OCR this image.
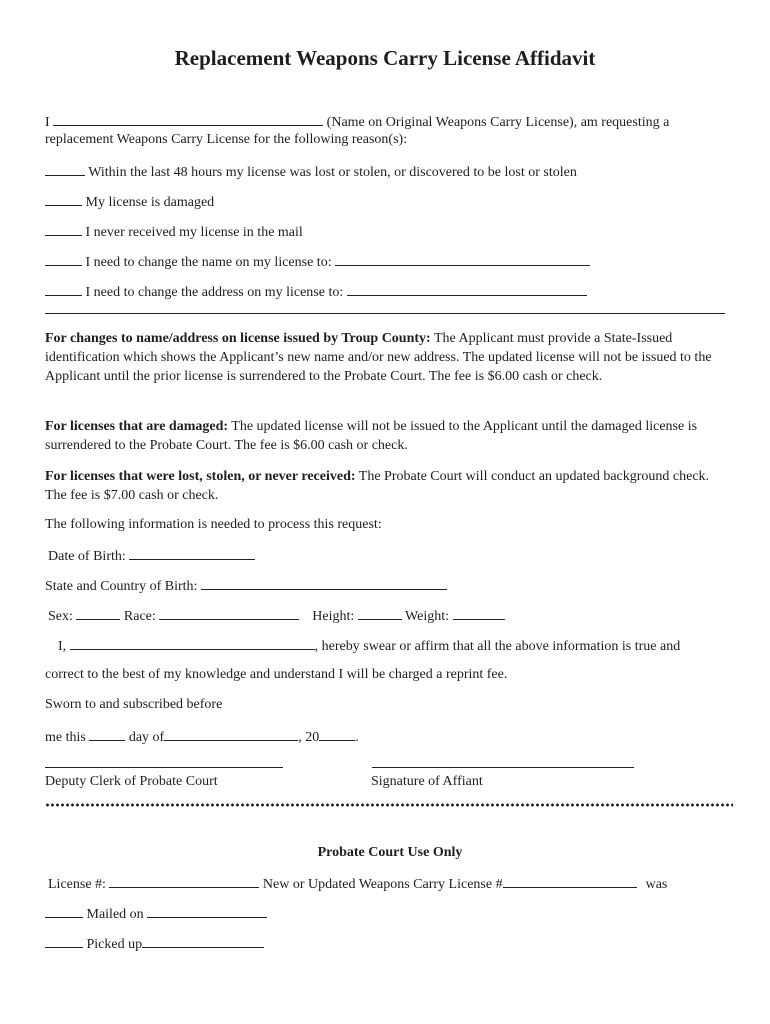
Replacement Weapons Carry License Affidavit
I	(Name on Original Weapons Carry License), am requesting a
replacement Weapons Carry License for the following reason(s):
Within the last 48 hours my license was lost or stolen, or discovered to be lost or stolen
My license is damaged
I never received my license in the mail
I need to change the name on my license to:
I need to change the address on my license to:
For changes to name/address on license issued by Troup County: The Applicant must provide a State-Issued identification which shows the Applicant’s new name and/or new address. The updated license will not be issued to the Applicant until the prior license is surrendered to the Probate Court. The fee is $6.00 cash or check.
For licenses that are damaged: The updated license will not be issued to the Applicant until the damaged license is surrendered to the Probate Court. The fee is $6.00 cash or check.
For licenses that were lost, stolen, or never received: The Probate Court will conduct an updated background check. The fee is $7.00 cash or check.
The following information is needed to process this request:
Date of Birth:
State and Country of Birth:
Sex:	Race:	Height:	Weight:
I,	, hereby swear or affirm that all the above information is true and
correct to the best of my knowledge and understand I will be charged a reprint fee.
Sworn to and subscribed before
me this	day of	, 20	.
Deputy Clerk of Probate Court	Signature of Affiant
Probate Court Use Only
License #:	New or Updated Weapons Carry License #	was
Mailed on
Picked up
